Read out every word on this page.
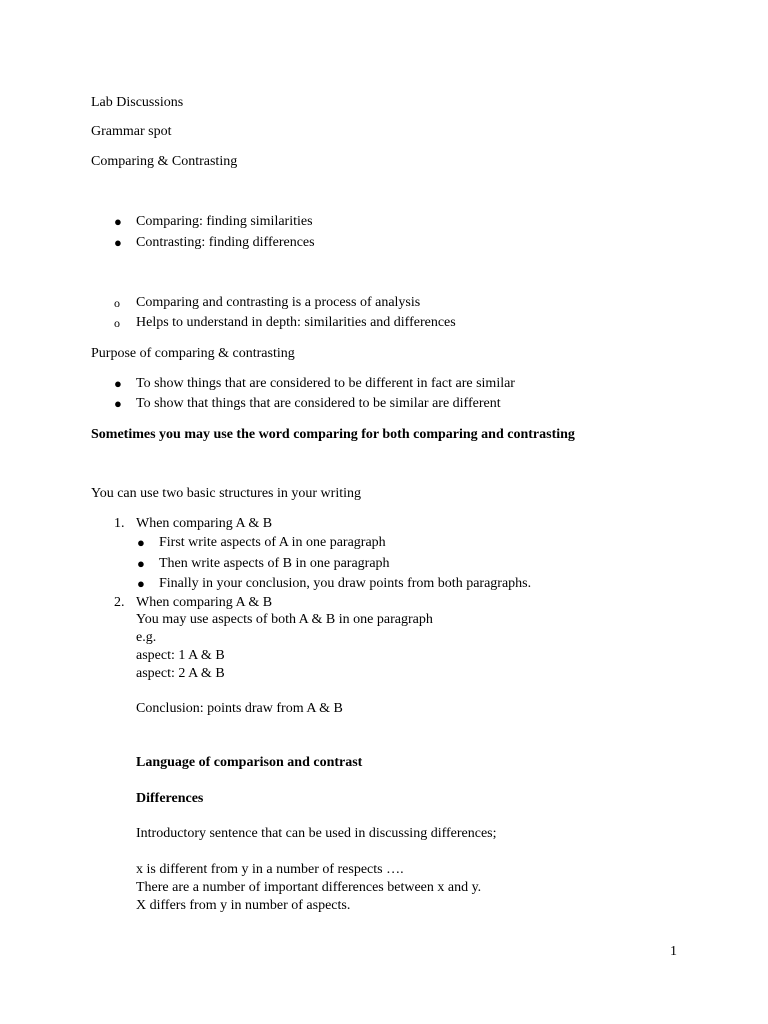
Lab Discussions
Grammar spot
Comparing & Contrasting
● Comparing: finding similarities
● Contrasting: finding differences
o Comparing and contrasting is a process of analysis
o Helps to understand in depth: similarities and differences
Purpose of comparing & contrasting
● To show things that are considered to be different in fact are similar
● To show that things that are considered to be similar are different
Sometimes you may use the word comparing for both comparing and contrasting
You can use two basic structures in your writing
1. When comparing A & B
● First write aspects of A in one paragraph
● Then write aspects of B in one paragraph
● Finally in your conclusion, you draw points from both paragraphs.
2. When comparing A & B
You may use aspects of both A & B in one paragraph
e.g.
aspect: 1 A & B
aspect: 2 A & B
Conclusion: points draw from A & B
Language of comparison and contrast
Differences
Introductory sentence that can be used in discussing differences;
x is different from y in a number of respects ….
There are a number of important differences between x and y.
X differs from y in number of aspects.
1
